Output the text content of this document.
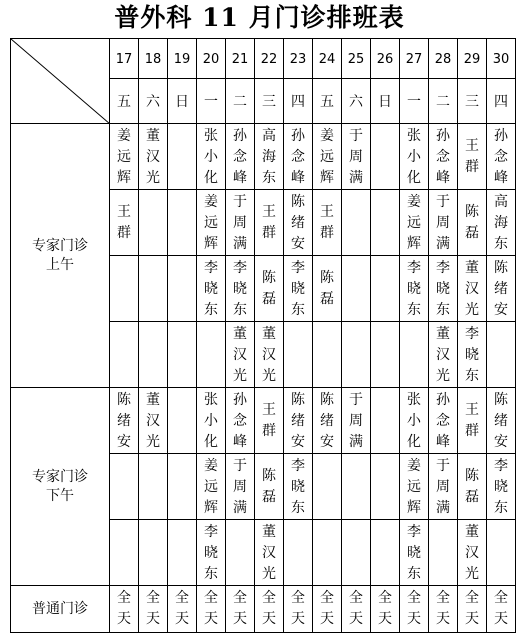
普外科 11 月门诊排班表
	17	18	19	20	21	22	23	24	25	26	27	28	29	30
	五	六	日	一	二	三	四	五	六	日	一	二	三	四

专家门诊
上午	姜远辉	董汉光		张小化	孙念峰	高海东	孙念峰	姜远辉	于周满		张小化	孙念峰	王群	孙念峰

	王群			姜远辉	于周满	王群	陈绪安	王群			姜远辉	于周满	陈磊	高海东

				李晓东	李晓东	陈磊	李晓东	陈磊			李晓东	李晓东	董汉光	陈绪安

					董汉光	董汉光						董汉光	李晓东	

专家门诊
下午	陈绪安	董汉光		张小化	孙念峰	王群	陈绪安	陈绪安	于周满		张小化	孙念峰	王群	陈绪安

				姜远辉	于周满	陈磊	李晓东				姜远辉	于周满	陈磊	李晓东

				李晓东		董汉光					李晓东		董汉光	

普通门诊	全天	全天	全天	全天	全天	全天	全天	全天	全天	全天	全天	全天	全天	全天
